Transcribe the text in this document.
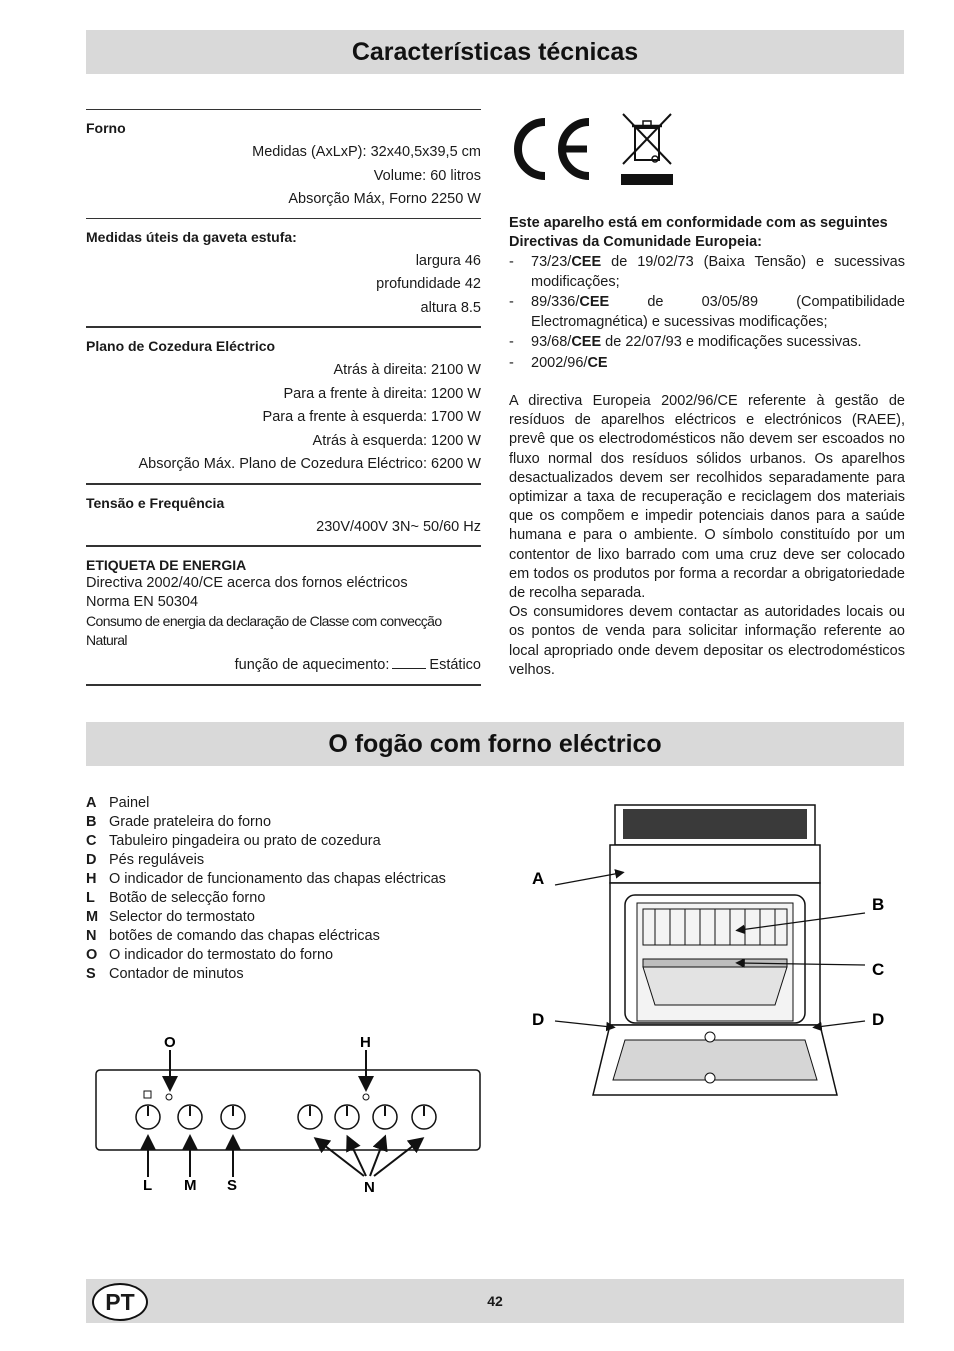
Características técnicas
Forno
Medidas (AxLxP): 32x40,5x39,5 cm
Volume: 60 litros
Absorção Máx, Forno 2250 W
Medidas úteis da gaveta estufa:
largura 46
profundidade 42
altura 8.5
Plano de Cozedura Eléctrico
Atrás à direita: 2100 W
Para a frente à direita: 1200 W
Para a frente à esquerda: 1700 W
Atrás à esquerda: 1200 W
Absorção Máx. Plano de Cozedura Eléctrico: 6200 W
Tensão e Frequência
230V/400V 3N~ 50/60 Hz
ETIQUETA DE ENERGIA
Directiva 2002/40/CE acerca dos fornos eléctricos
Norma EN 50304
Consumo de energia da declaração de Classe com convecção Natural
função de aquecimento:	Estático
Este aparelho está em conformidade com as seguintes Directivas da Comunidade Europeia:
-	73/23/CEE de 19/02/73 (Baixa Tensão) e sucessivas modificações;
-	89/336/CEE de 03/05/89 (Compatibilidade Electromagnética) e sucessivas modificações;
-	93/68/CEE de 22/07/93 e modificações sucessivas.
-	2002/96/CE
A directiva Europeia 2002/96/CE referente à gestão de resíduos de aparelhos eléctricos e electrónicos (RAEE), prevê que os electrodomésticos não devem ser escoados no fluxo normal dos resíduos sólidos urbanos. Os aparelhos desactualizados devem ser recolhidos separadamente para optimizar a taxa de recuperação e reciclagem dos materiais que os compõem e impedir potenciais danos para a saúde humana e para o ambiente. O símbolo constituído por um contentor de lixo barrado com uma cruz deve ser colocado em todos os produtos por forma a recordar a obrigatoriedade de recolha separada.
Os consumidores devem contactar as autoridades locais ou os pontos de venda para solicitar informação referente ao local apropriado onde devem depositar os electrodomésticos velhos.
O fogão com forno eléctrico
A Painel
B Grade prateleira do forno
C Tabuleiro pingadeira ou prato de cozedura
D Pés reguláveis
H O indicador de funcionamento das chapas eléctricas
L Botão de selecção forno
M Selector do termostato
N botões de comando das chapas eléctricas
O O indicador do termostato do forno
S Contador de minutos
O	H
L M S	N
A
B
C
D	D
PT	42
